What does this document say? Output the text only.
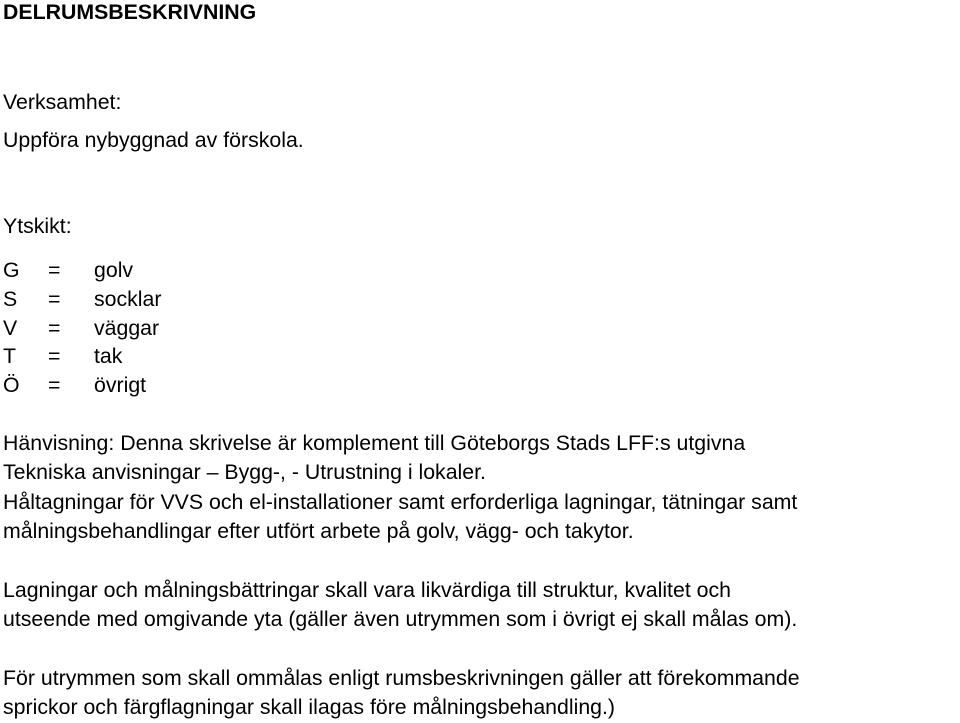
DELRUMSBESKRIVNING
Verksamhet:
Uppföra nybyggnad av förskola.
Ytskikt:
G = golv
S = socklar
V = väggar
T = tak
Ö = övrigt
Hänvisning: Denna skrivelse är komplement till Göteborgs Stads LFF:s utgivna
Tekniska anvisningar – Bygg-, - Utrustning i lokaler.
Håltagningar för VVS och el-installationer samt erforderliga lagningar, tätningar samt
målningsbehandlingar efter utfört arbete på golv, vägg- och takytor.
Lagningar och målningsbättringar skall vara likvärdiga till struktur, kvalitet och
utseende med omgivande yta (gäller även utrymmen som i övrigt ej skall målas om).
För utrymmen som skall ommålas enligt rumsbeskrivningen gäller att förekommande
sprickor och färgflagningar skall ilagas före målningsbehandling.)
